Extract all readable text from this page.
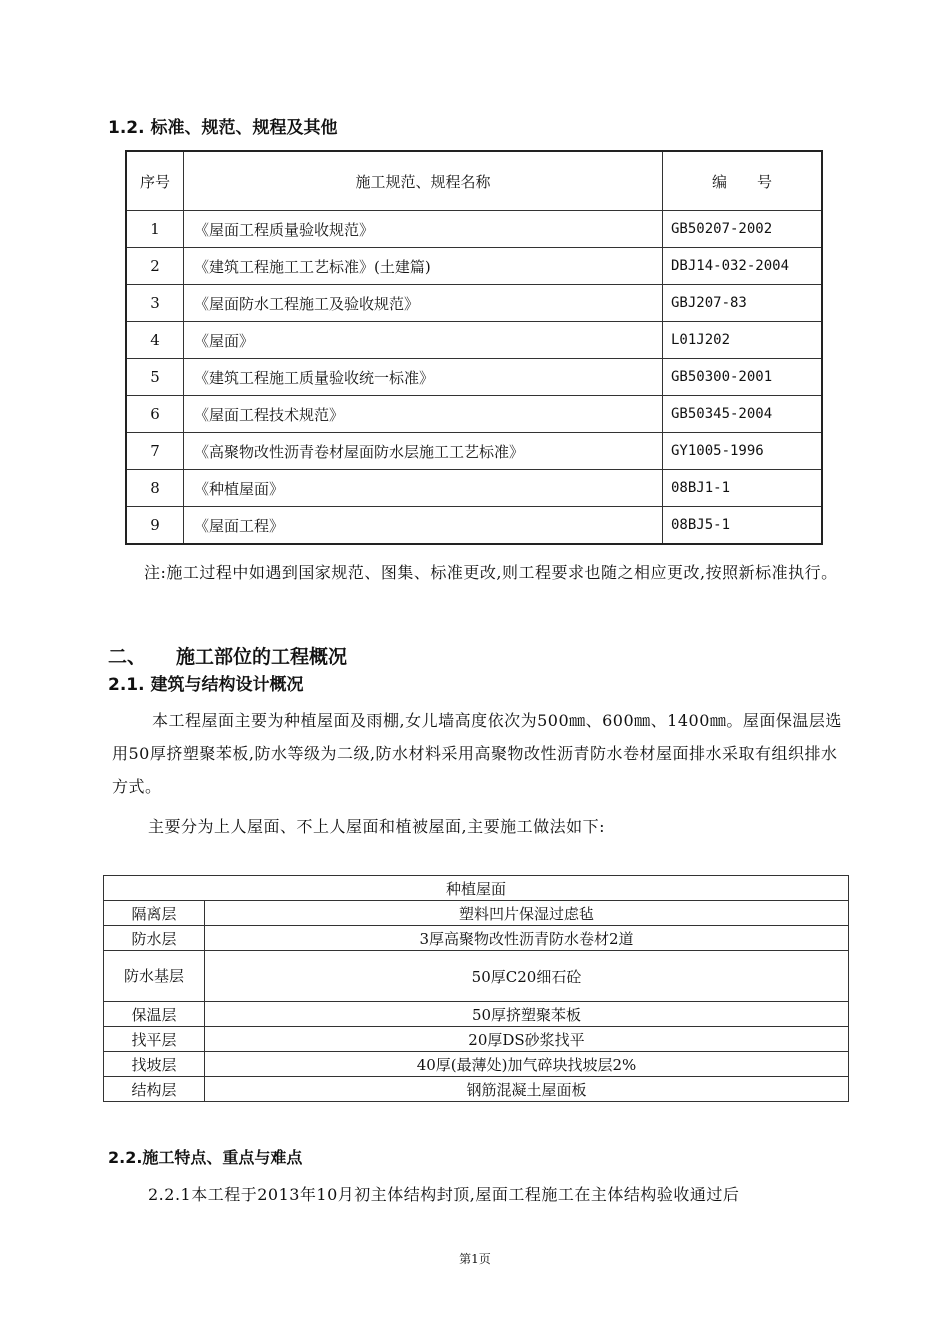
1.2. 标准、规范、规程及其他
序号	施工规范、规程名称	编　　号
1	《屋面工程质量验收规范》	GB50207-2002
2	《建筑工程施工工艺标准》(土建篇)	DBJ14-032-2004
3	《屋面防水工程施工及验收规范》	GBJ207-83
4	《屋面》	L01J202
5	《建筑工程施工质量验收统一标准》	GB50300-2001
6	《屋面工程技术规范》	GB50345-2004
7	《高聚物改性沥青卷材屋面防水层施工工艺标准》	GY1005-1996
8	《种植屋面》	08BJ1-1
9	《屋面工程》	08BJ5-1
注:施工过程中如遇到国家规范、图集、标准更改,则工程要求也随之相应更改,按照新标准执行。
二、 施工部位的工程概况
2.1. 建筑与结构设计概况
本工程屋面主要为种植屋面及雨棚,女儿墙高度依次为500㎜、600㎜、1400㎜。屋面保温层选用50厚挤塑聚苯板,防水等级为二级,防水材料采用高聚物改性沥青防水卷材屋面排水采取有组织排水方式。
主要分为上人屋面、不上人屋面和植被屋面,主要施工做法如下:
种植屋面	
隔离层	塑料凹片保湿过虑毡
防水层	3厚高聚物改性沥青防水卷材2道
防水基层	50厚C20细石砼
保温层	50厚挤塑聚苯板
找平层	20厚DS砂浆找平
找坡层	40厚(最薄处)加气碎块找坡层2%
结构层	钢筋混凝土屋面板
2.2.施工特点、重点与难点
2.2.1本工程于2013年10月初主体结构封顶,屋面工程施工在主体结构验收通过后
第1页
